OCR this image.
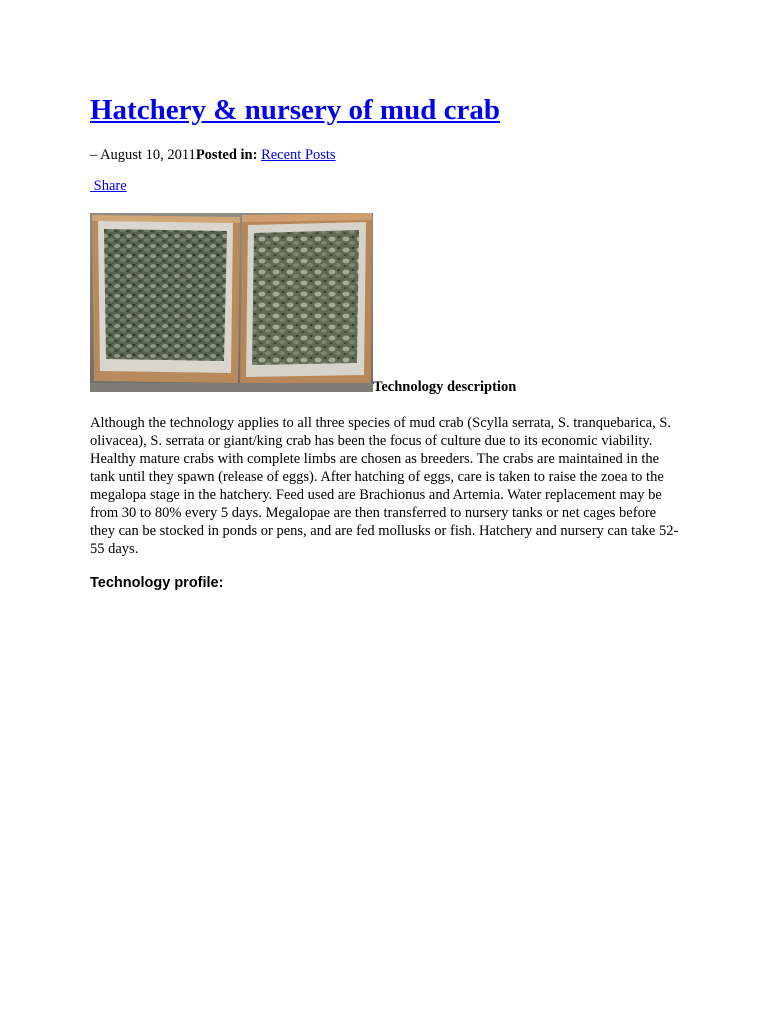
Hatchery & nursery of mud crab
– August 10, 2011Posted in: Recent Posts
Share
Technology description

Although the technology applies to all three species of mud crab (Scylla serrata, S. tranquebarica, S. olivacea), S. serrata or giant/king crab has been the focus of culture due to its economic viability. Healthy mature crabs with complete limbs are chosen as breeders. The crabs are maintained in the tank until they spawn (release of eggs). After hatching of eggs, care is taken to raise the zoea to the megalopa stage in the hatchery. Feed used are Brachionus and Artemia. Water replacement may be from 30 to 80% every 5 days. Megalopae are then transferred to nursery tanks or net cages before they can be stocked in ponds or pens, and are fed mollusks or fish. Hatchery and nursery can take 52-55 days.

Technology profile:
